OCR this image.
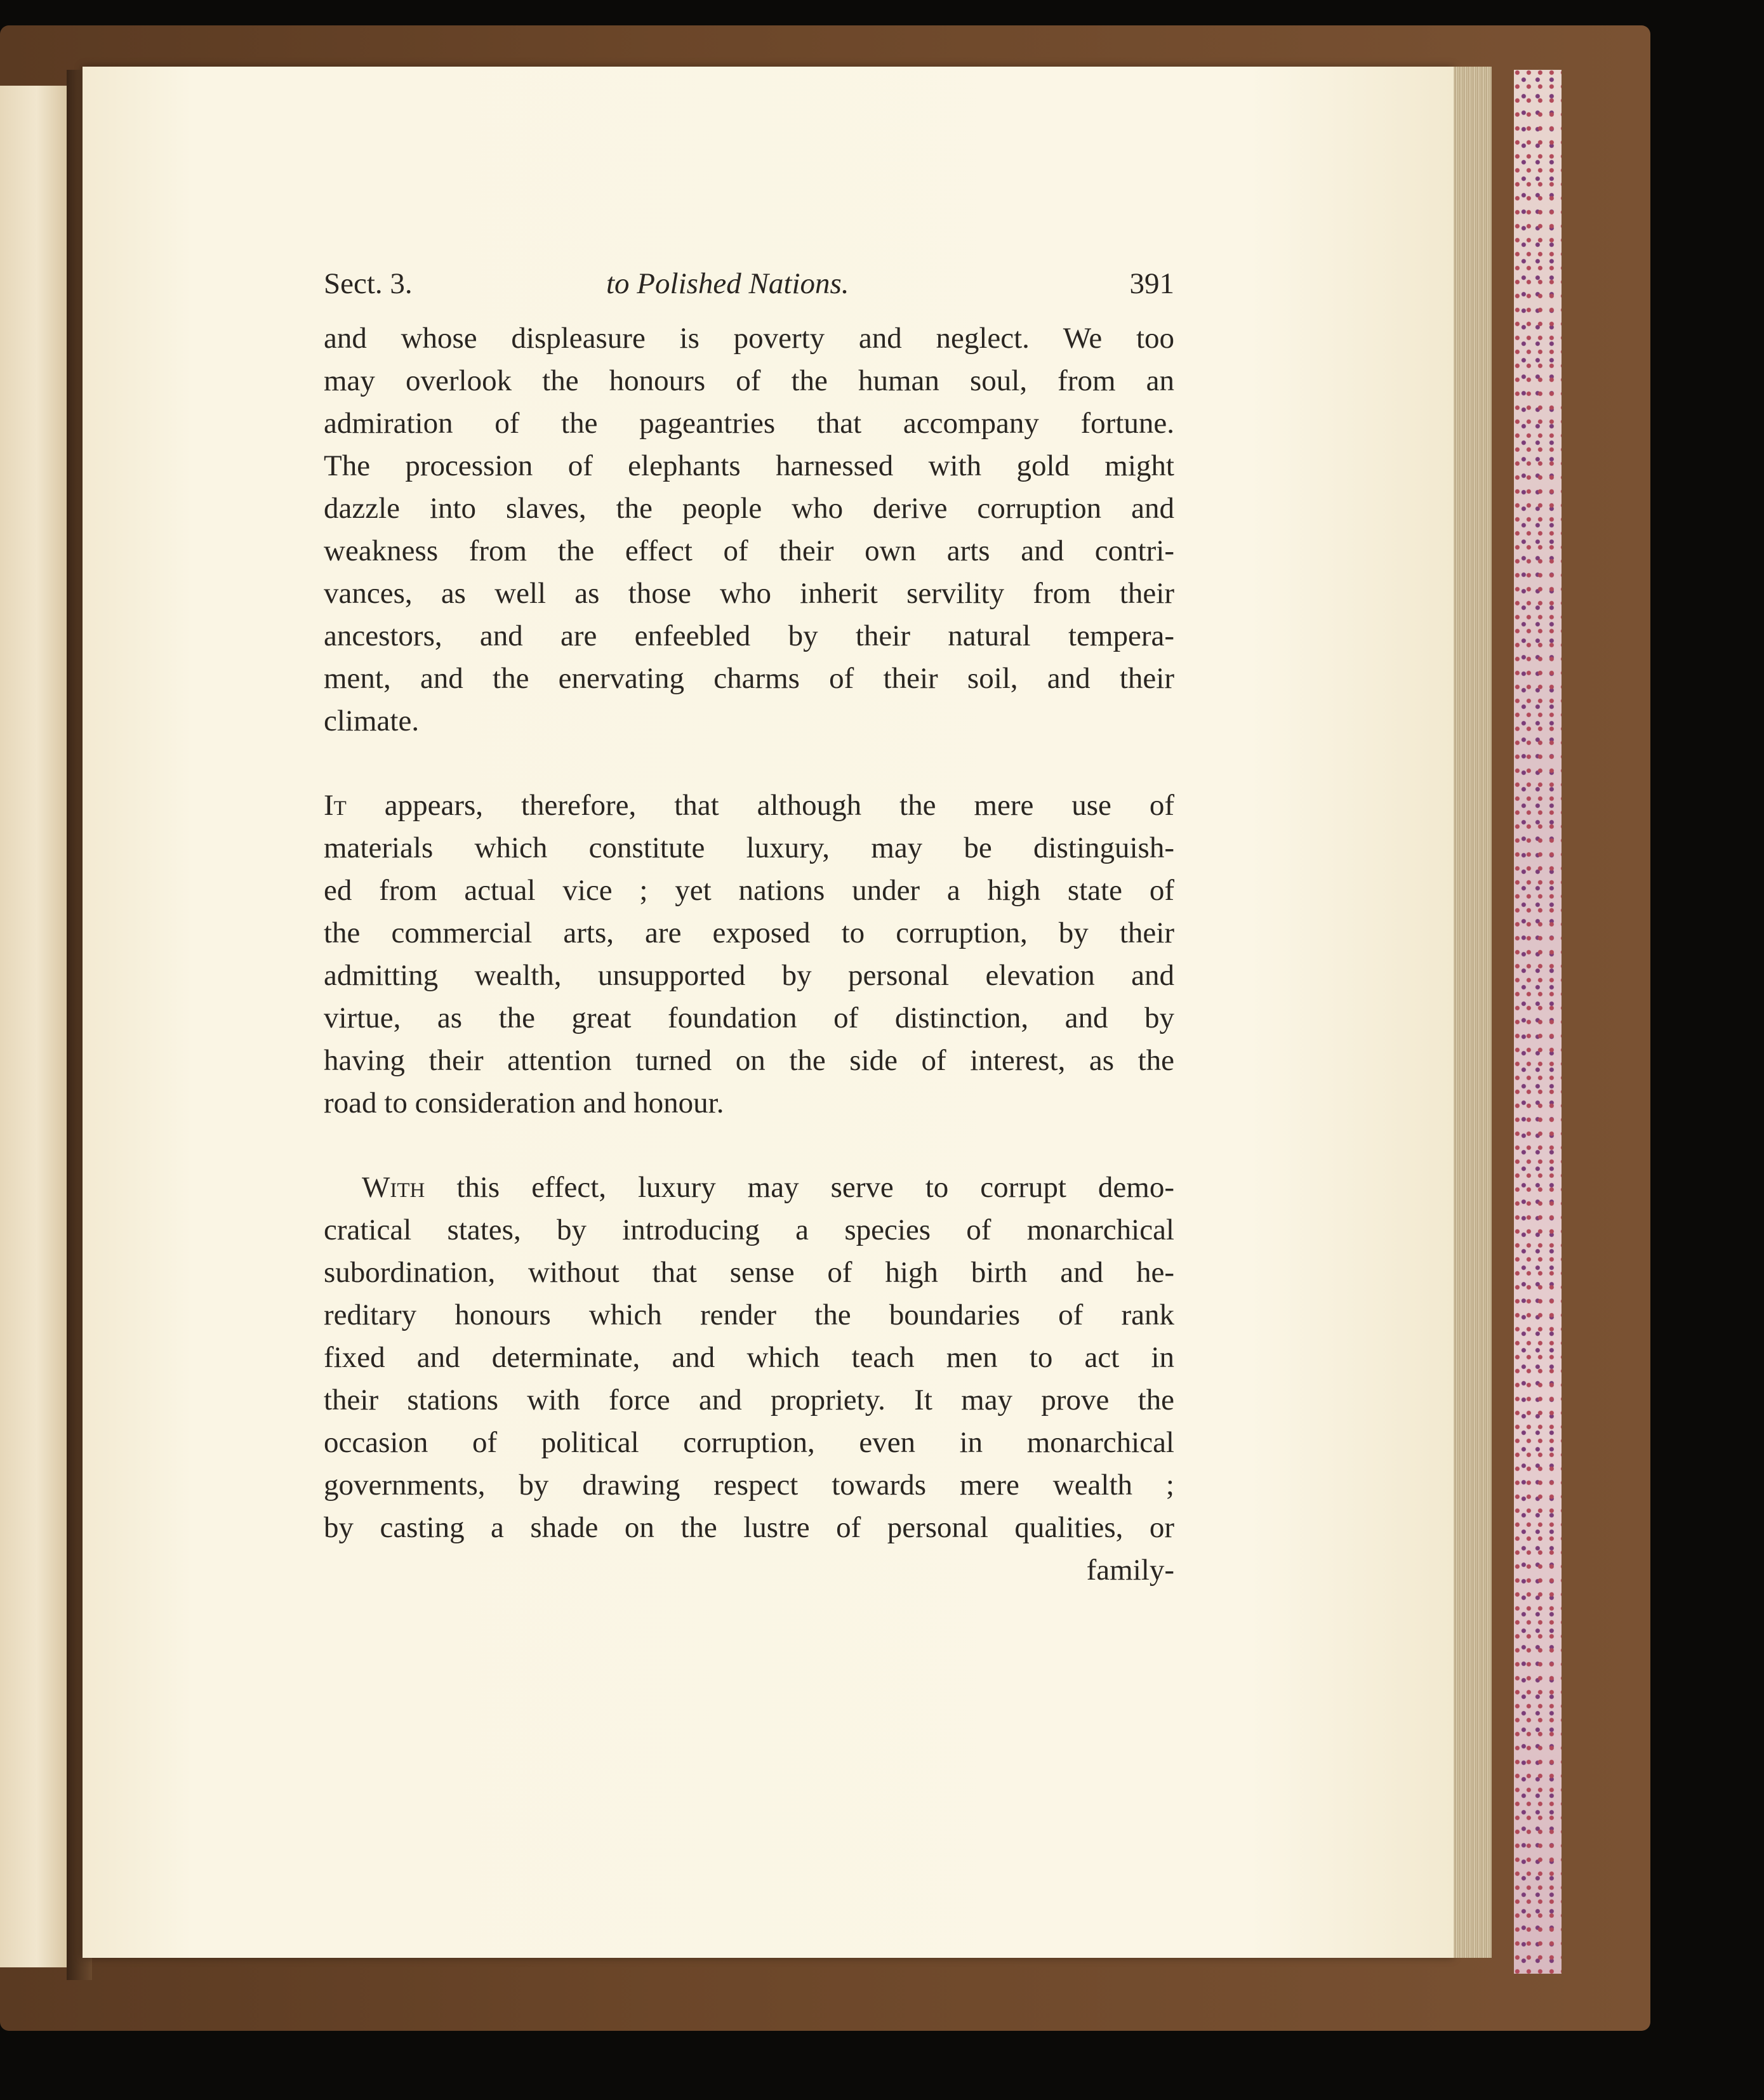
Sect. 3.	to Polished Nations.	391
and whose displeasure is poverty and neglect. We too
may overlook the honours of the human soul, from an
admiration of the pageantries that accompany fortune.
The procession of elephants harnessed with gold might
dazzle into slaves, the people who derive corruption and
weakness from the effect of their own arts and contri-
vances, as well as those who inherit servility from their
ancestors, and are enfeebled by their natural tempera-
ment, and the enervating charms of their soil, and their
climate.
It appears, therefore, that although the mere use of
materials which constitute luxury, may be distinguish-
ed from actual vice ; yet nations under a high state of
the commercial arts, are exposed to corruption, by their
admitting wealth, unsupported by personal elevation and
virtue, as the great foundation of distinction, and by
having their attention turned on the side of interest, as the
road to consideration and honour.
With this effect, luxury may serve to corrupt demo-
cratical states, by introducing a species of monarchical
subordination, without that sense of high birth and he-
reditary honours which render the boundaries of rank
fixed and determinate, and which teach men to act in
their stations with force and propriety. It may prove the
occasion of political corruption, even in monarchical
governments, by drawing respect towards mere wealth ;
by casting a shade on the lustre of personal qualities, or
family-
